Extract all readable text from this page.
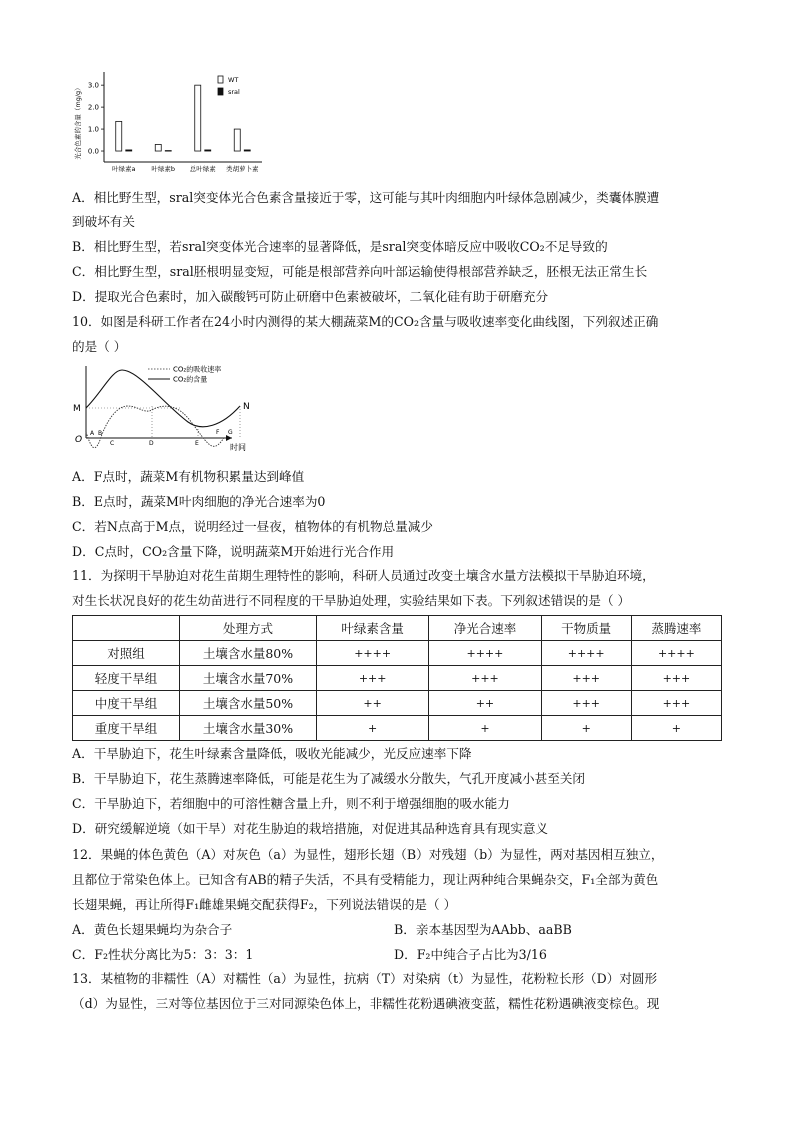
光合色素的含量（mg/g） 3.0
2.0
1.0
0.0
叶绿素a 叶绿素b 总叶绿素 类胡萝卜素
WT
sral
A．相比野生型，sral突变体光合色素含量接近于零，这可能与其叶肉细胞内叶绿体急剧减少，类囊体膜遭
到破坏有关
B．相比野生型，若sral突变体光合速率的显著降低，是sral突变体暗反应中吸收CO₂不足导致的
C．相比野生型，sral胚根明显变短，可能是根部营养向叶部运输使得根部营养缺乏，胚根无法正常生长
D．提取光合色素时，加入碳酸钙可防止研磨中色素被破坏，二氧化硅有助于研磨充分
10．如图是科研工作者在24小时内测得的某大棚蔬菜M的CO₂含量与吸收速率变化曲线图，下列叙述正确
的是（ ）
CO₂的吸收速率
CO₂的含量
M	N
O
A B
C	D	E
F G
时间
A．F点时，蔬菜M有机物积累量达到峰值
B．E点时，蔬菜M叶肉细胞的净光合速率为0
C．若N点高于M点，说明经过一昼夜，植物体的有机物总量减少
D．C点时，CO₂含量下降，说明蔬菜M开始进行光合作用
11．为探明干旱胁迫对花生苗期生理特性的影响，科研人员通过改变土壤含水量方法模拟干旱胁迫环境，
对生长状况良好的花生幼苗进行不同程度的干旱胁迫处理，实验结果如下表。下列叙述错误的是（ ）
	处理方式	叶绿素含量	净光合速率	干物质量	蒸腾速率
对照组	土壤含水量80%	++++	++++	++++	++++
轻度干旱组	土壤含水量70%	+++	+++	+++	+++
中度干旱组	土壤含水量50%	++	++	+++	+++
重度干旱组	土壤含水量30%	+	+	+	+
A．干旱胁迫下，花生叶绿素含量降低，吸收光能减少，光反应速率下降
B．干旱胁迫下，花生蒸腾速率降低，可能是花生为了减缓水分散失，气孔开度减小甚至关闭
C．干旱胁迫下，若细胞中的可溶性糖含量上升，则不利于增强细胞的吸水能力
D．研究缓解逆境（如干旱）对花生胁迫的栽培措施，对促进其品种选育具有现实意义
12．果蝇的体色黄色（A）对灰色（a）为显性，翅形长翅（B）对残翅（b）为显性，两对基因相互独立，
且都位于常染色体上。已知含有AB的精子失活，不具有受精能力，现让两种纯合果蝇杂交，F₁全部为黄色
长翅果蝇，再让所得F₁雌雄果蝇交配获得F₂，下列说法错误的是（ ）
A．黄色长翅果蝇均为杂合子	B．亲本基因型为AAbb、aaBB
C．F₂性状分离比为5：3：3：1	D．F₂中纯合子占比为3/16
13．某植物的非糯性（A）对糯性（a）为显性，抗病（T）对染病（t）为显性，花粉粒长形（D）对圆形
（d）为显性，三对等位基因位于三对同源染色体上，非糯性花粉遇碘液变蓝，糯性花粉遇碘液变棕色。现
